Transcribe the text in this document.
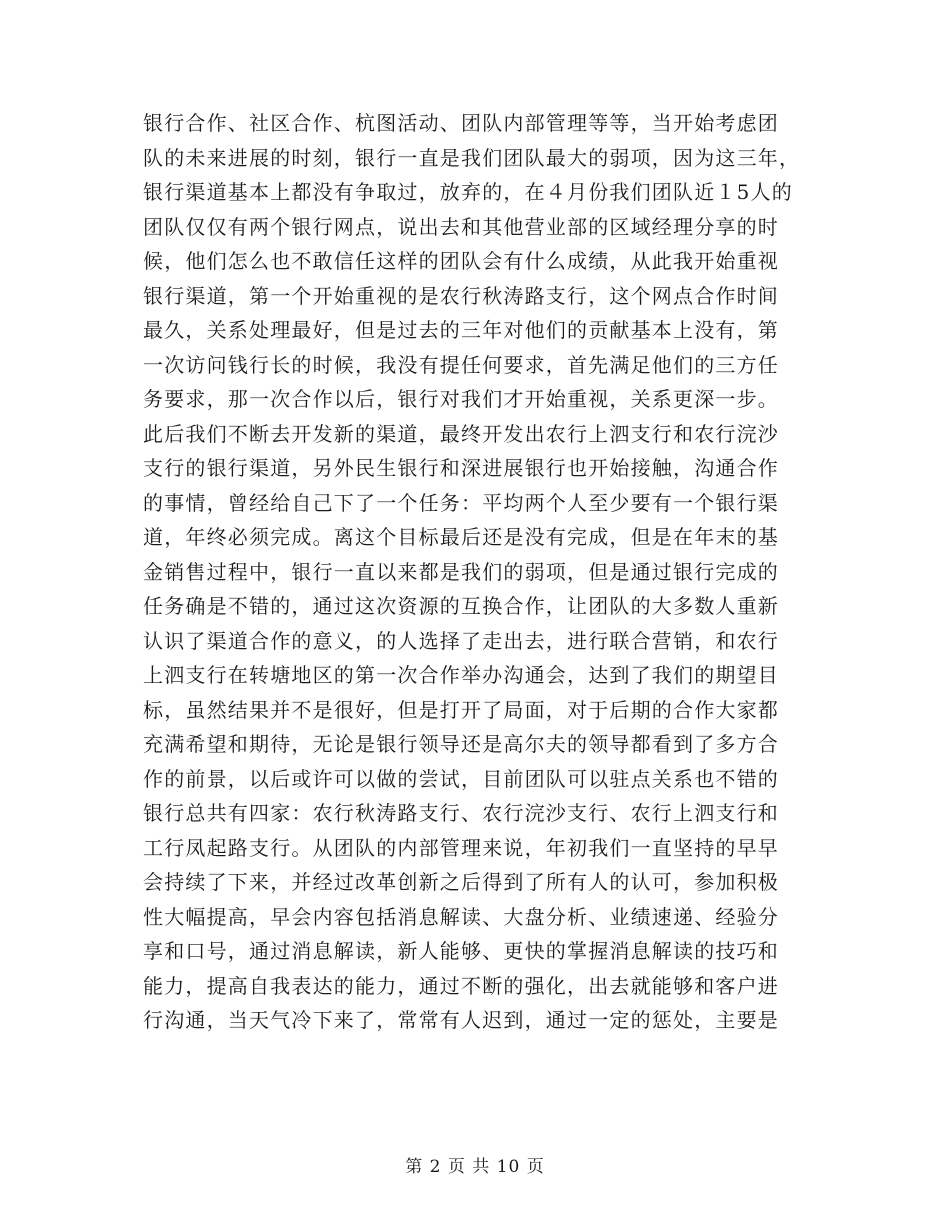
银行合作、社区合作、杭图活动、团队内部管理等等，当开始考虑团
队的未来进展的时刻，银行一直是我们团队最大的弱项，因为这三年，
银行渠道基本上都没有争取过，放弃的，在４月份我们团队近１5人的
团队仅仅有两个银行网点，说出去和其他营业部的区域经理分享的时
候，他们怎么也不敢信任这样的团队会有什么成绩，从此我开始重视
银行渠道，第一个开始重视的是农行秋涛路支行，这个网点合作时间
最久，关系处理最好，但是过去的三年对他们的贡献基本上没有，第
一次访问钱行长的时候，我没有提任何要求，首先满足他们的三方任
务要求，那一次合作以后，银行对我们才开始重视，关系更深一步。
此后我们不断去开发新的渠道，最终开发出农行上泗支行和农行浣沙
支行的银行渠道，另外民生银行和深进展银行也开始接触，沟通合作
的事情，曾经给自己下了一个任务：平均两个人至少要有一个银行渠
道，年终必须完成。离这个目标最后还是没有完成，但是在年末的基
金销售过程中，银行一直以来都是我们的弱项，但是通过银行完成的
任务确是不错的，通过这次资源的互换合作，让团队的大多数人重新
认识了渠道合作的意义，的人选择了走出去，进行联合营销，和农行
上泗支行在转塘地区的第一次合作举办沟通会，达到了我们的期望目
标，虽然结果并不是很好，但是打开了局面，对于后期的合作大家都
充满希望和期待，无论是银行领导还是高尔夫的领导都看到了多方合
作的前景，以后或许可以做的尝试，目前团队可以驻点关系也不错的
银行总共有四家：农行秋涛路支行、农行浣沙支行、农行上泗支行和
工行凤起路支行。从团队的内部管理来说，年初我们一直坚持的早早
会持续了下来，并经过改革创新之后得到了所有人的认可，参加积极
性大幅提高，早会内容包括消息解读、大盘分析、业绩速递、经验分
享和口号，通过消息解读，新人能够、更快的掌握消息解读的技巧和
能力，提高自我表达的能力，通过不断的强化，出去就能够和客户进
行沟通，当天气冷下来了，常常有人迟到，通过一定的惩处，主要是
第 2 页 共 10 页
